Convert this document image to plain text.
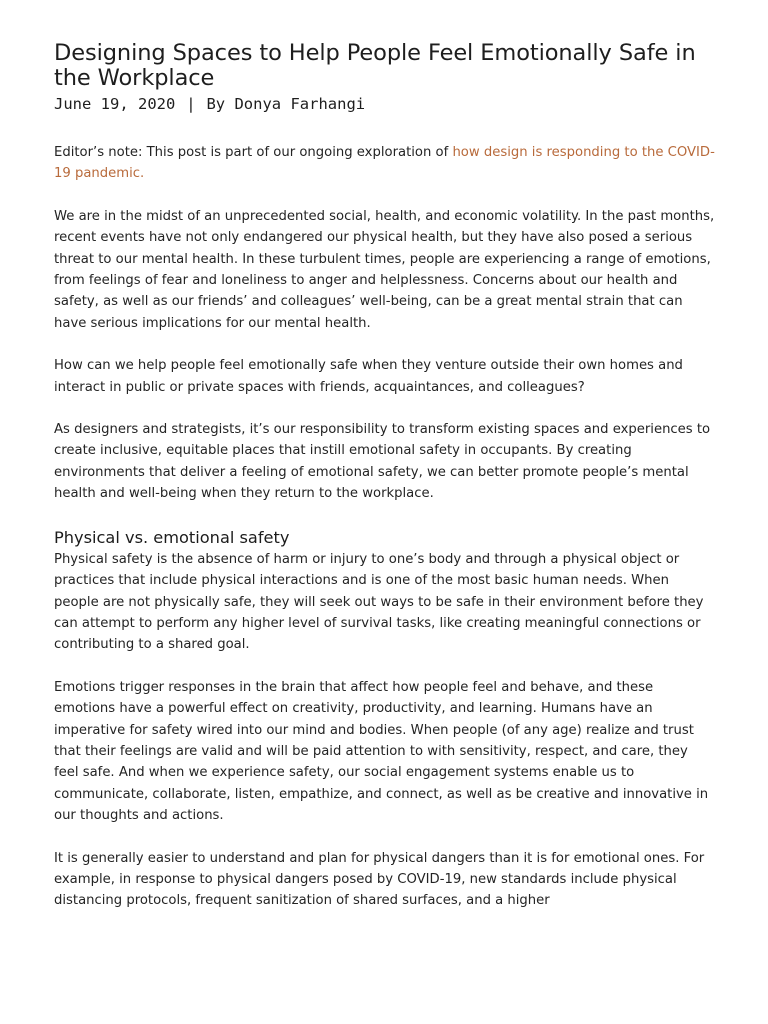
Designing Spaces to Help People Feel Emotionally Safe in the Workplace
June 19, 2020 | By Donya Farhangi

Editor’s note: This post is part of our ongoing exploration of how design is responding to the COVID-19 pandemic.

We are in the midst of an unprecedented social, health, and economic volatility. In the past months, recent events have not only endangered our physical health, but they have also posed a serious threat to our mental health. In these turbulent times, people are experiencing a range of emotions, from feelings of fear and loneliness to anger and helplessness. Concerns about our health and safety, as well as our friends’ and colleagues’ well-being, can be a great mental strain that can have serious implications for our mental health.

How can we help people feel emotionally safe when they venture outside their own homes and interact in public or private spaces with friends, acquaintances, and colleagues?

As designers and strategists, it’s our responsibility to transform existing spaces and experiences to create inclusive, equitable places that instill emotional safety in occupants. By creating environments that deliver a feeling of emotional safety, we can better promote people’s mental health and well-being when they return to the workplace.

Physical vs. emotional safety

Physical safety is the absence of harm or injury to one’s body and through a physical object or practices that include physical interactions and is one of the most basic human needs. When people are not physically safe, they will seek out ways to be safe in their environment before they can attempt to perform any higher level of survival tasks, like creating meaningful connections or contributing to a shared goal.

Emotions trigger responses in the brain that affect how people feel and behave, and these emotions have a powerful effect on creativity, productivity, and learning. Humans have an imperative for safety wired into our mind and bodies. When people (of any age) realize and trust that their feelings are valid and will be paid attention to with sensitivity, respect, and care, they feel safe. And when we experience safety, our social engagement systems enable us to communicate, collaborate, listen, empathize, and connect, as well as be creative and innovative in our thoughts and actions.

It is generally easier to understand and plan for physical dangers than it is for emotional ones. For example, in response to physical dangers posed by COVID-19, new standards include physical distancing protocols, frequent sanitization of shared surfaces, and a higher
